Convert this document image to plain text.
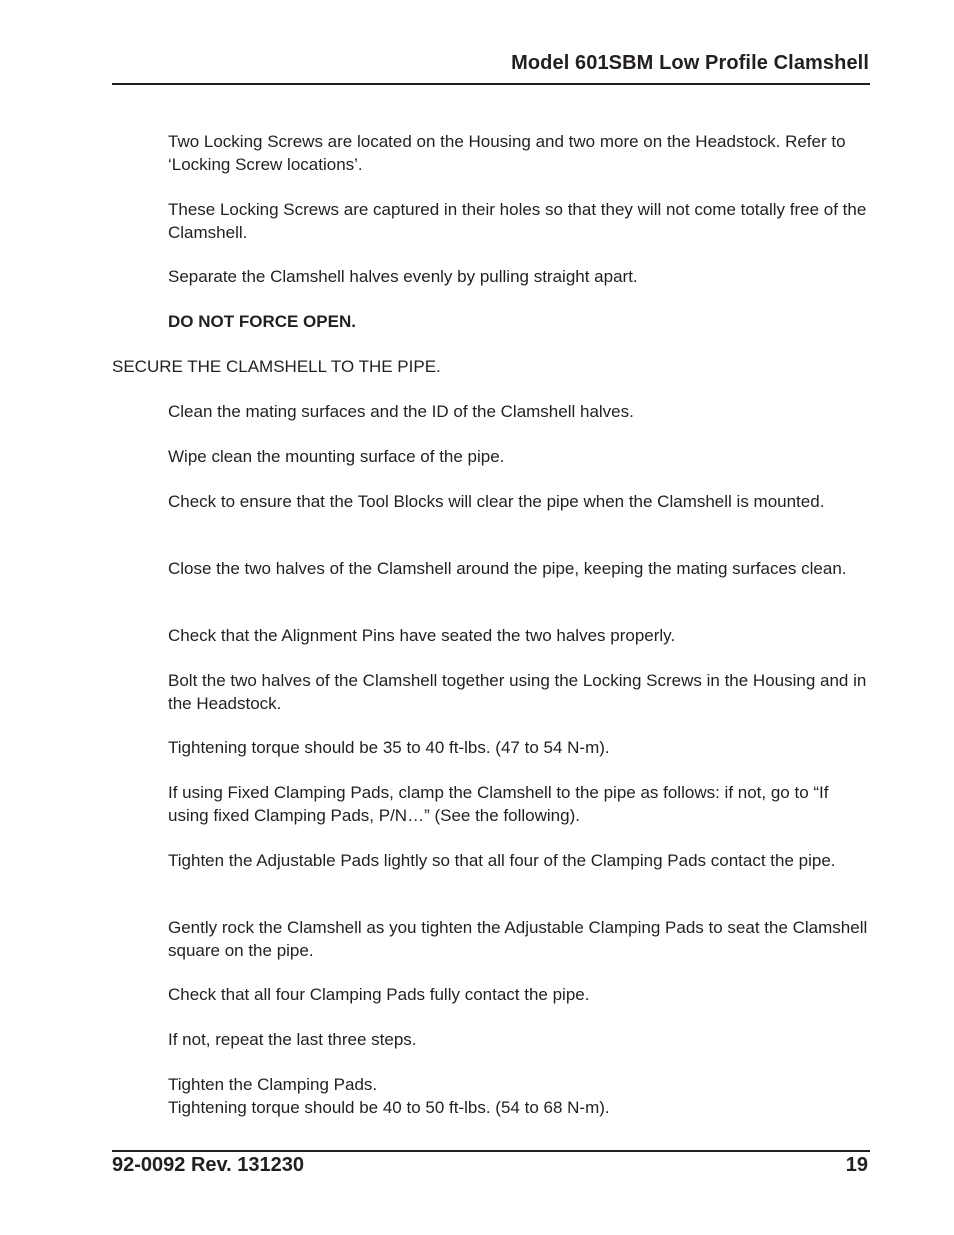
Model 601SBM Low Profile Clamshell

Two Locking Screws are located on the Housing and two more on the Headstock. Refer to ‘Locking Screw locations’.

These Locking Screws are captured in their holes so that they will not come totally free of the Clamshell.

Separate the Clamshell halves evenly by pulling straight apart.

DO NOT FORCE OPEN.

SECURE THE CLAMSHELL TO THE PIPE.

Clean the mating surfaces and the ID of the Clamshell halves.

Wipe clean the mounting surface of the pipe.

Check to ensure that the Tool Blocks will clear the pipe when the Clamshell is mounted.

Close the two halves of the Clamshell around the pipe, keeping the mating surfaces clean.

Check that the Alignment Pins have seated the two halves properly.

Bolt the two halves of the Clamshell together using the Locking Screws in the Housing and in the Headstock.

Tightening torque should be 35 to 40 ft-lbs. (47 to 54 N-m).

If using Fixed Clamping Pads, clamp the Clamshell to the pipe as follows: if not, go to “If using fixed Clamping Pads, P/N…” (See the following).

Tighten the Adjustable Pads lightly so that all four of the Clamping Pads contact the pipe.

Gently rock the Clamshell as you tighten the Adjustable Clamping Pads to seat the Clamshell square on the pipe.

Check that all four Clamping Pads fully contact the pipe.

If not, repeat the last three steps.

Tighten the Clamping Pads.

Tightening torque should be 40 to 50 ft-lbs. (54 to 68 N-m).

92-0092 Rev. 131230	19
